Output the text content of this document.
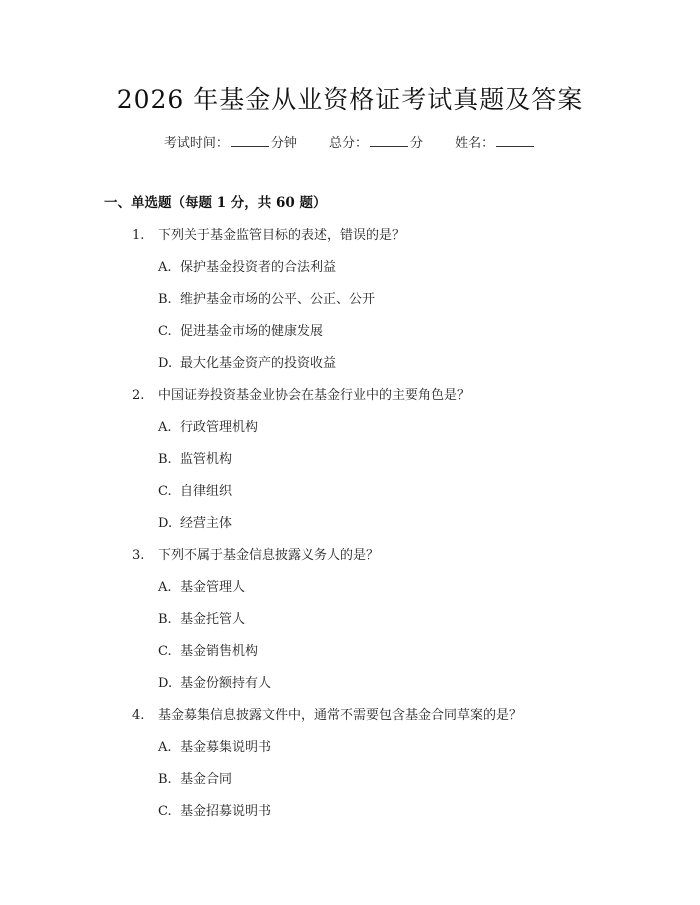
2026 年基金从业资格证考试真题及答案
考试时间：	分钟 总分：	分 姓名：
一、单选题（每题 1 分，共 60 题）
1. 下列关于基金监管目标的表述，错误的是？
A. 保护基金投资者的合法利益
B. 维护基金市场的公平、公正、公开
C. 促进基金市场的健康发展
D. 最大化基金资产的投资收益
2. 中国证券投资基金业协会在基金行业中的主要角色是？
A. 行政管理机构
B. 监管机构
C. 自律组织
D. 经营主体
3. 下列不属于基金信息披露义务人的是？
A. 基金管理人
B. 基金托管人
C. 基金销售机构
D. 基金份额持有人
4. 基金募集信息披露文件中，通常不需要包含基金合同草案的是？
A. 基金募集说明书
B. 基金合同
C. 基金招募说明书
